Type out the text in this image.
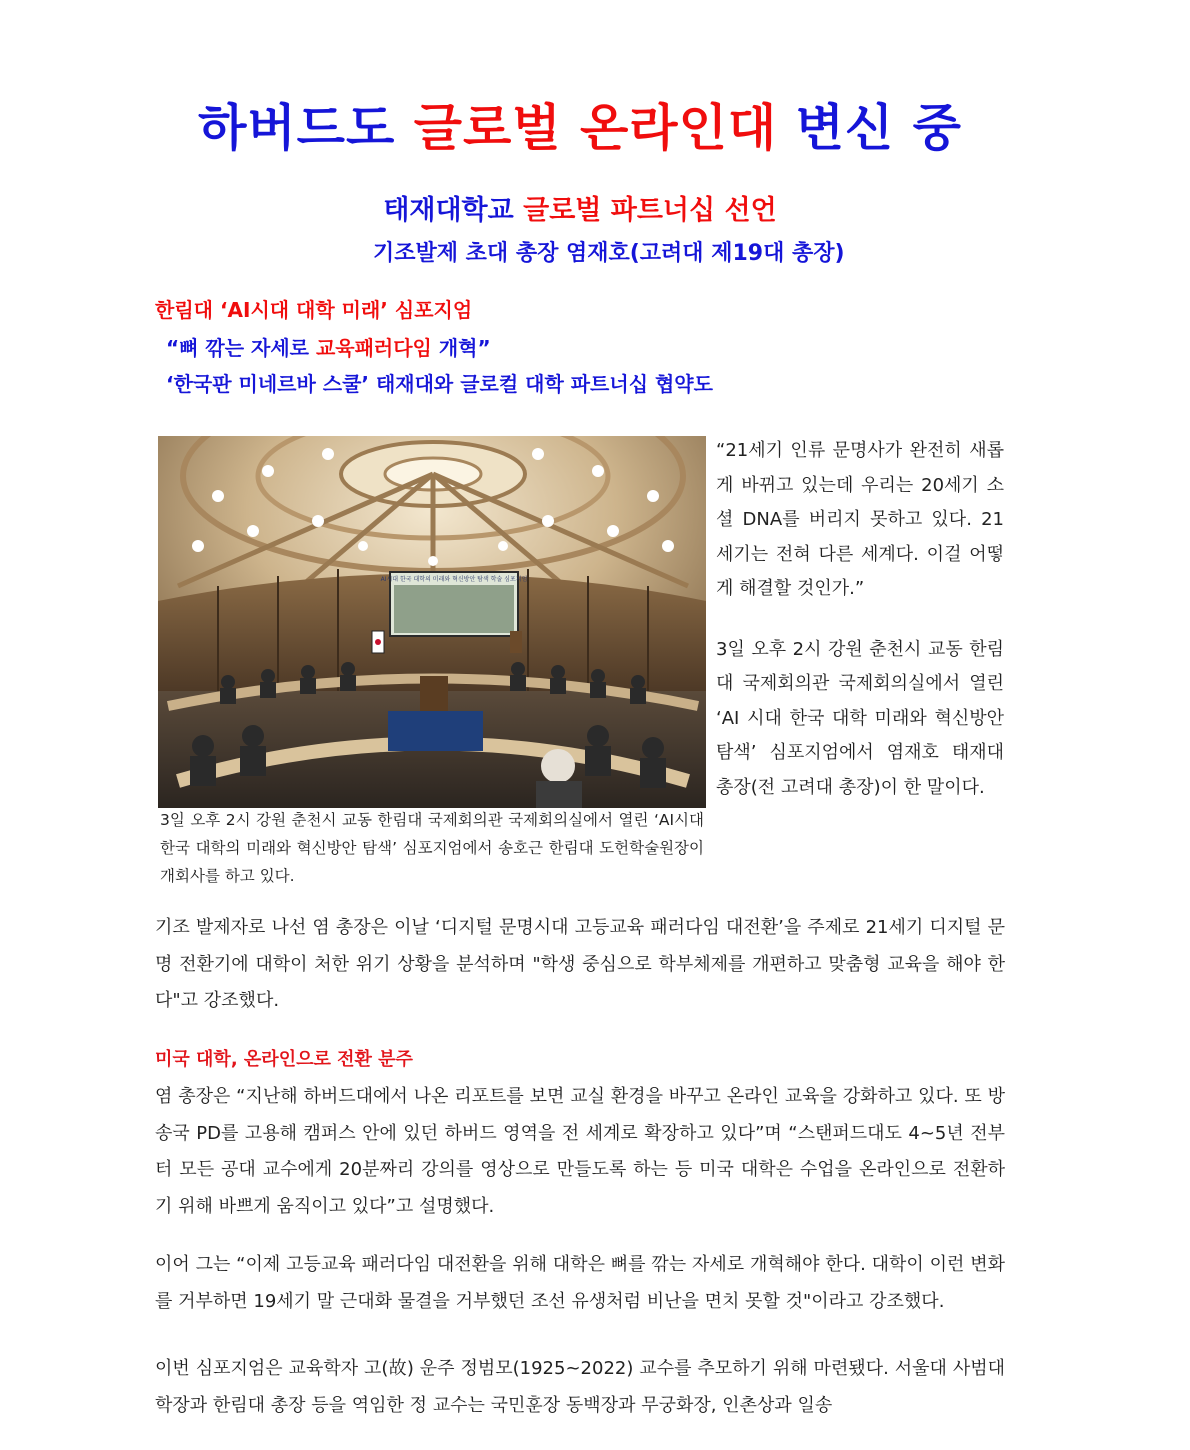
하버드도 글로벌 온라인대 변신 중
태재대학교 글로벌 파트너십 선언
기조발제 초대 총장 염재호(고려대 제19대 총장)

한림대 ‘AI시대 대학 미래’ 심포지엄

“뼈 깎는 자세로 교육패러다임 개혁”

‘한국판 미네르바 스쿨’ 태재대와 글로컬 대학 파트너십 협약도

AI시대 한국 대학의 미래와 혁신방안 탐색 학술 심포지엄

3일 오후 2시 강원 춘천시 교동 한림대 국제회의관 국제회의실에서 열린 ‘AI시대 한국 대학의 미래와 혁신방안 탐색’ 심포지엄에서 송호근 한림대 도헌학술원장이 개회사를 하고 있다.

“21세기 인류 문명사가 완전히 새롭게 바뀌고 있는데 우리는 20세기 소셜 DNA를 버리지 못하고 있다. 21세기는 전혀 다른 세계다. 이걸 어떻게 해결할 것인가.”

3일 오후 2시 강원 춘천시 교동 한림대 국제회의관 국제회의실에서 열린 ‘AI 시대 한국 대학 미래와 혁신방안 탐색’ 심포지엄에서 염재호 태재대 총장(전 고려대 총장)이 한 말이다.

기조 발제자로 나선 염 총장은 이날 ‘디지털 문명시대 고등교육 패러다임 대전환’을 주제로 21세기 디지털 문명 전환기에 대학이 처한 위기 상황을 분석하며 "학생 중심으로 학부체제를 개편하고 맞춤형 교육을 해야 한다"고 강조했다.

미국 대학, 온라인으로 전환 분주

염 총장은 “지난해 하버드대에서 나온 리포트를 보면 교실 환경을 바꾸고 온라인 교육을 강화하고 있다. 또 방송국 PD를 고용해 캠퍼스 안에 있던 하버드 영역을 전 세계로 확장하고 있다”며 “스탠퍼드대도 4~5년 전부터 모든 공대 교수에게 20분짜리 강의를 영상으로 만들도록 하는 등 미국 대학은 수업을 온라인으로 전환하기 위해 바쁘게 움직이고 있다”고 설명했다.

이어 그는 “이제 고등교육 패러다임 대전환을 위해 대학은 뼈를 깎는 자세로 개혁해야 한다. 대학이 이런 변화를 거부하면 19세기 말 근대화 물결을 거부했던 조선 유생처럼 비난을 면치 못할 것"이라고 강조했다.

이번 심포지엄은 교육학자 고(故) 운주 정범모(1925~2022) 교수를 추모하기 위해 마련됐다. 서울대 사범대학장과 한림대 총장 등을 역임한 정 교수는 국민훈장 동백장과 무궁화장, 인촌상과 일송
